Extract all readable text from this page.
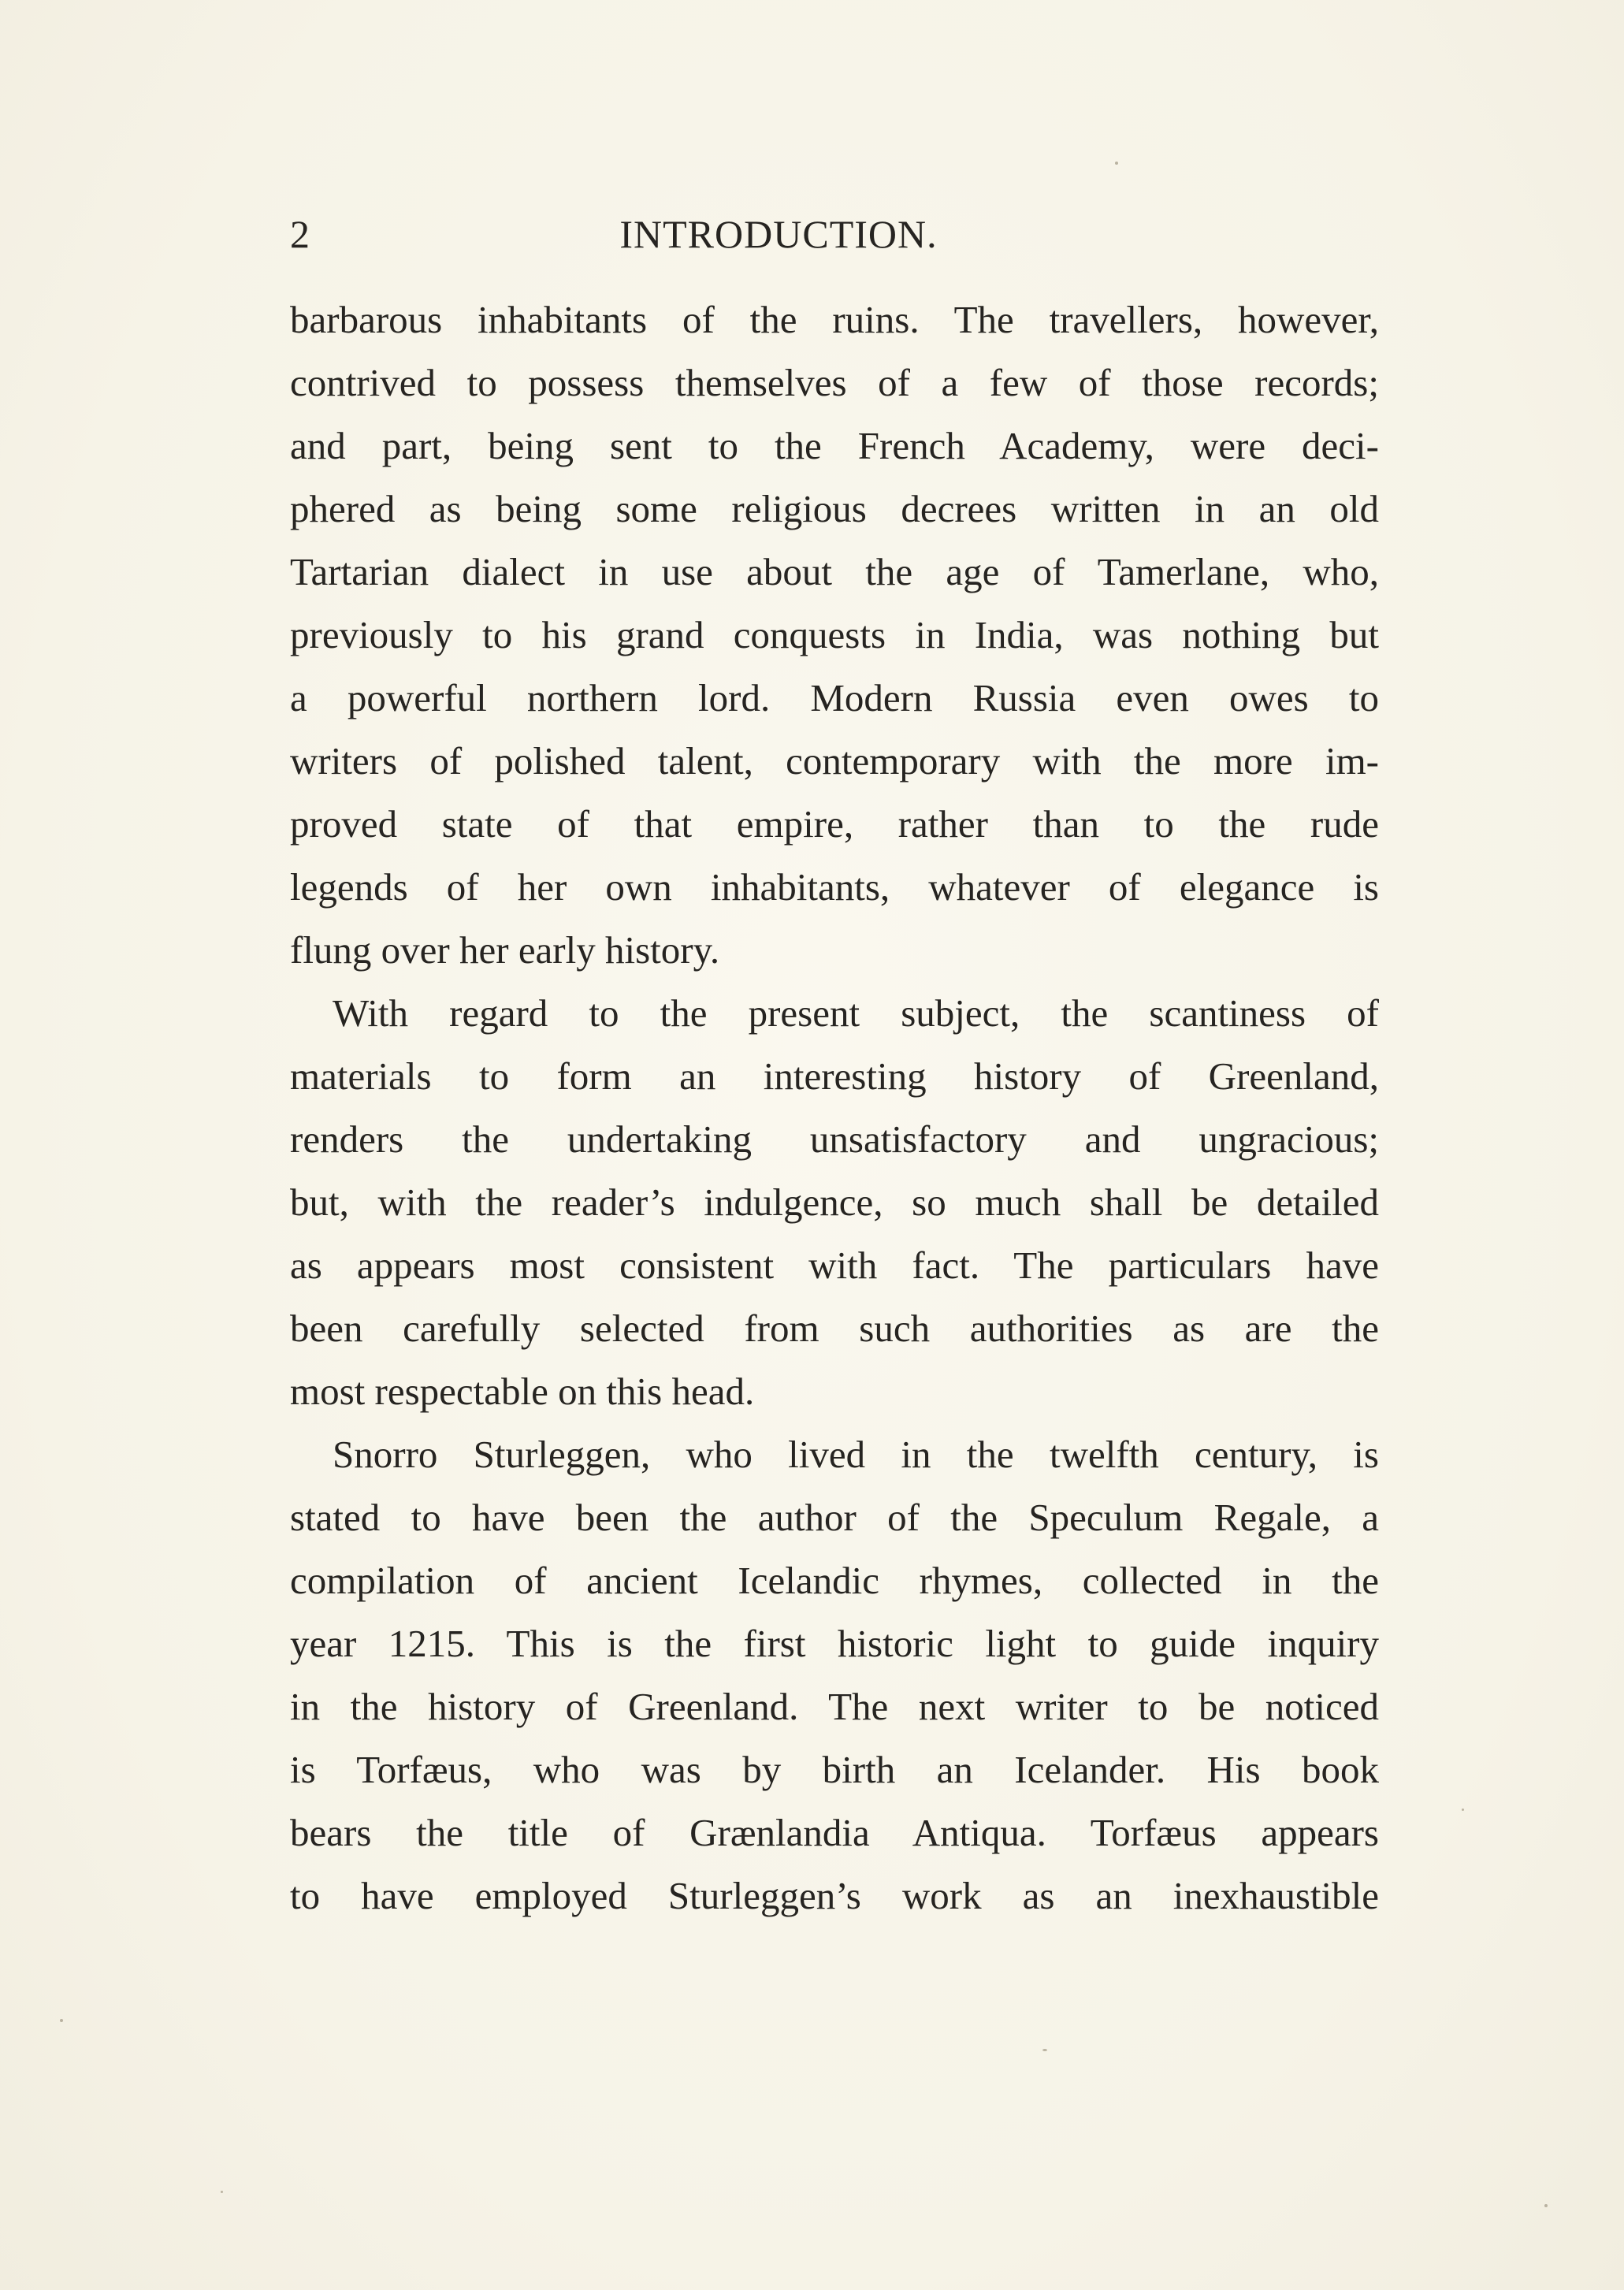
2	INTRODUCTION.
barbarous inhabitants of the ruins. The travellers, however,
contrived to possess themselves of a few of those records;
and part, being sent to the French Academy, were deci-
phered as being some religious decrees written in an old
Tartarian dialect in use about the age of Tamerlane, who,
previously to his grand conquests in India, was nothing but
a powerful northern lord. Modern Russia even owes to
writers of polished talent, contemporary with the more im-
proved state of that empire, rather than to the rude
legends of her own inhabitants, whatever of elegance is
flung over her early history.
With regard to the present subject, the scantiness of
materials to form an interesting history of Greenland,
renders the undertaking unsatisfactory and ungracious;
but, with the reader’s indulgence, so much shall be detailed
as appears most consistent with fact. The particulars have
been carefully selected from such authorities as are the
most respectable on this head.
Snorro Sturleggen, who lived in the twelfth century, is
stated to have been the author of the Speculum Regale, a
compilation of ancient Icelandic rhymes, collected in the
year 1215. This is the first historic light to guide inquiry
in the history of Greenland. The next writer to be noticed
is Torfæus, who was by birth an Icelander. His book
bears the title of Grænlandia Antiqua. Torfæus appears
to have employed Sturleggen’s work as an inexhaustible
